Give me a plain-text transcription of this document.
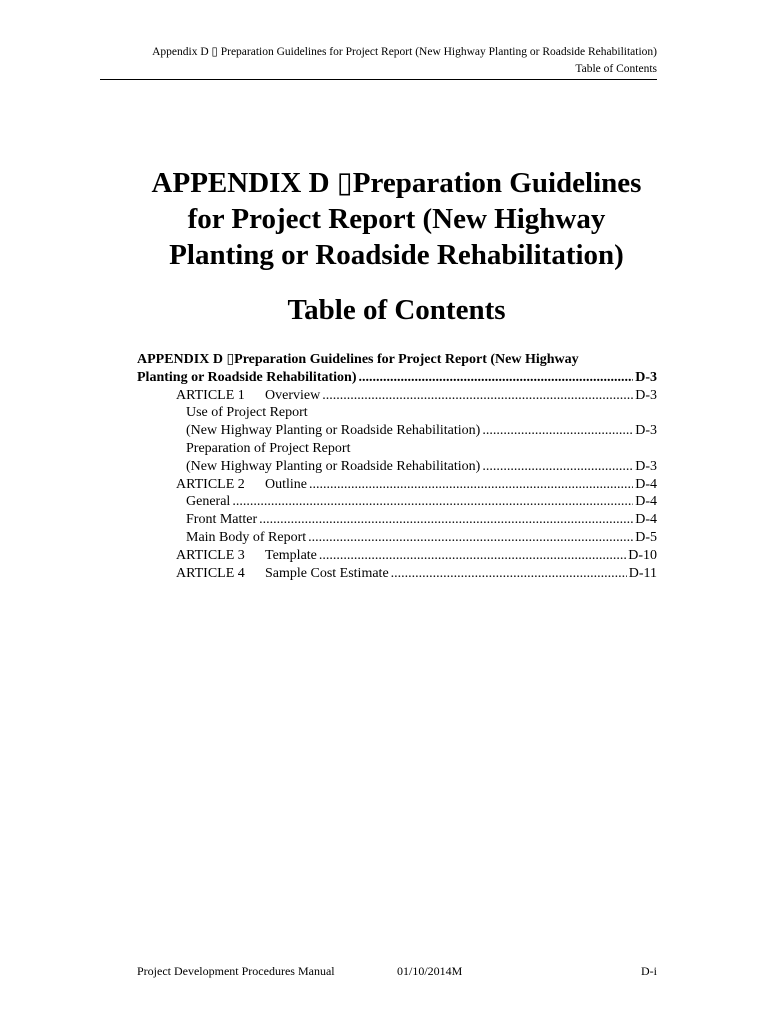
Appendix D ▯ Preparation Guidelines for Project Report (New Highway Planting or Roadside Rehabilitation)
Table of Contents
APPENDIX D ▯Preparation Guidelines
for Project Report (New Highway
Planting or Roadside Rehabilitation)
Table of Contents
APPENDIX D ▯Preparation Guidelines for Project Report (New Highway
Planting or Roadside Rehabilitation) .....	D-3
ARTICLE 1	Overview .....	D-3
Use of Project Report
(New Highway Planting or Roadside Rehabilitation) .....	D-3
Preparation of Project Report
(New Highway Planting or Roadside Rehabilitation) .....	D-3
ARTICLE 2	Outline .....	D-4
General .....	D-4
Front Matter .....	D-4
Main Body of Report .....	D-5
ARTICLE 3	Template .....	D-10
ARTICLE 4	Sample Cost Estimate .....	D-11
Project Development Procedures Manual	01/10/2014M	D-i
